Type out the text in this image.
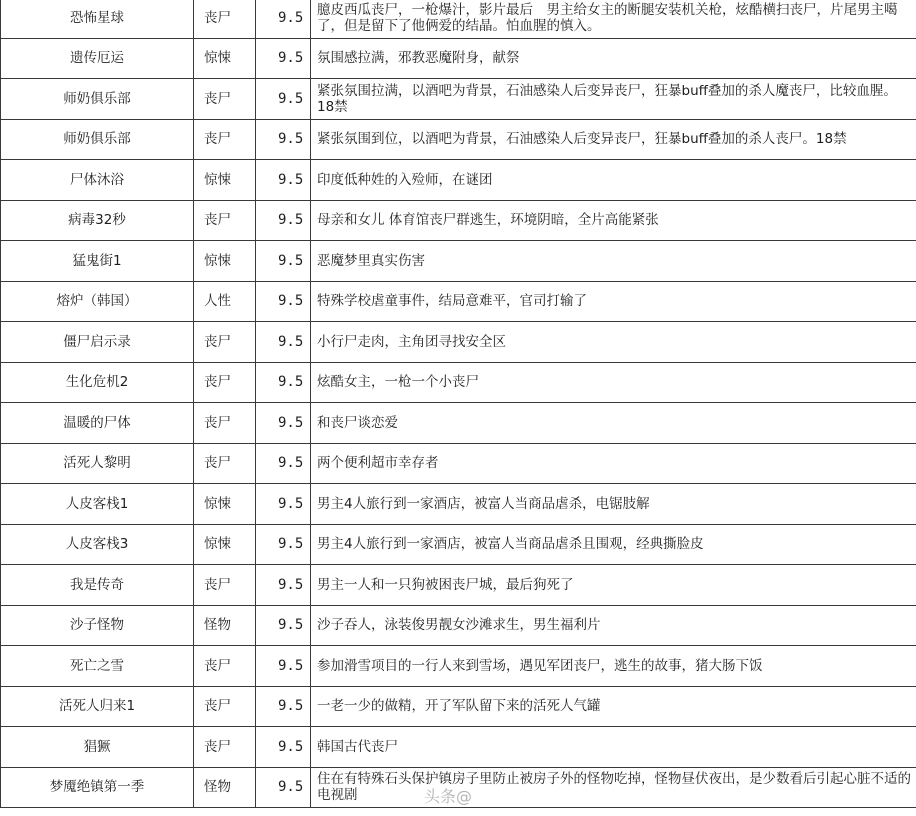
恐怖星球	丧尸	9.5	臆皮西瓜丧尸，一枪爆汁，影片最后　男主给女主的断腿安装机关枪，炫酷横扫丧尸，片尾男主噶了，但是留下了他俩爱的结晶。怕血腥的慎入。
遗传厄运	惊悚	9.5	氛围感拉满，邪教恶魔附身，献祭
师奶俱乐部	丧尸	9.5	紧张氛围拉满，以酒吧为背景，石油感染人后变异丧尸，狂暴buff叠加的杀人魔丧尸，比较血腥。18禁
师奶俱乐部	丧尸	9.5	紧张氛围到位，以酒吧为背景，石油感染人后变异丧尸，狂暴buff叠加的杀人丧尸。18禁
尸体沐浴	惊悚	9.5	印度低种姓的入殓师，在谜团
病毒32秒	丧尸	9.5	母亲和女儿 体育馆丧尸群逃生，环境阴暗，全片高能紧张
猛鬼街1	惊悚	9.5	恶魔梦里真实伤害
熔炉（韩国）	人性	9.5	特殊学校虐童事件，结局意难平，官司打输了
僵尸启示录	丧尸	9.5	小行尸走肉，主角团寻找安全区
生化危机2	丧尸	9.5	炫酷女主，一枪一个小丧尸
温暖的尸体	丧尸	9.5	和丧尸谈恋爱
活死人黎明	丧尸	9.5	两个便利超市幸存者
人皮客栈1	惊悚	9.5	男主4人旅行到一家酒店，被富人当商品虐杀，电锯肢解
人皮客栈3	惊悚	9.5	男主4人旅行到一家酒店，被富人当商品虐杀且围观，经典撕脸皮
我是传奇	丧尸	9.5	男主一人和一只狗被困丧尸城，最后狗死了
沙子怪物	怪物	9.5	沙子吞人，泳装俊男靓女沙滩求生，男生福利片
死亡之雪	丧尸	9.5	参加滑雪项目的一行人来到雪场，遇见军团丧尸，逃生的故事，猪大肠下饭
活死人归来1	丧尸	9.5	一老一少的做精，开了军队留下来的活死人气罐
猖獗	丧尸	9.5	韩国古代丧尸
梦魇绝镇第一季	怪物	9.5	住在有特殊石头保护镇房子里防止被房子外的怪物吃掉，怪物昼伏夜出，是少数看后引起心脏不适的电视剧	头条@
